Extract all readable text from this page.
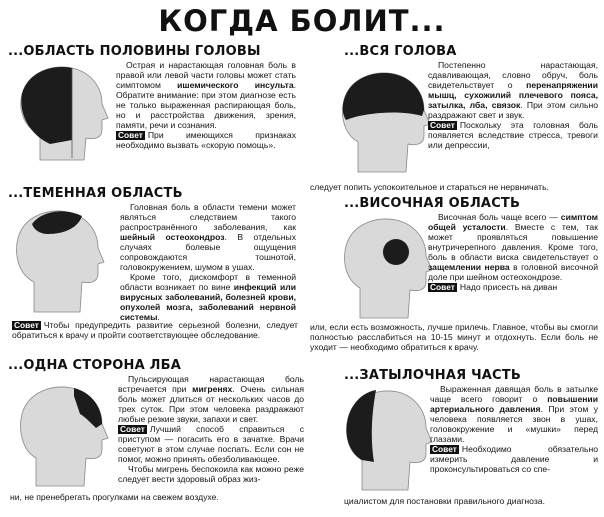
КОГДА БОЛИТ...
...ОБЛАСТЬ ПОЛОВИНЫ ГОЛОВЫ

Острая и нарастающая головная боль в правой или левой части головы может стать симптомом ишемического инсульта. Обратите внимание: при этом диагнозе есть не только выраженная распирающая боль, но и расстройства движения, зрения, памяти, речи и сознания.

Совет При имеющихся признаках необходимо вызвать «скорую помощь».

...ВСЯ ГОЛОВА

Постепенно нарастающая, сдавливающая, словно обруч, боль свидетельствует о перенапряжении мышц, сухожилий плечевого пояса, затылка, лба, связок. При этом сильно раздражают свет и звук.

Совет Поскольку эта головная боль появляется вследствие стресса, тревоги или депрессии,

следует попить успокоительное и стараться не нервничать.
...ТЕМЕННАЯ ОБЛАСТЬ

Головная боль в области темени может являться следствием такого распространённого заболевания, как шейный остеохондроз. В отдельных случаях болевые ощущения сопровождаются тошнотой, головокружением, шумом в ушах.

Кроме того, дискомфорт в теменной области возникает по вине инфекций или вирусных заболеваний, болезней крови, опухолей мозга, заболеваний нервной системы.

Совет Чтобы предупредить развитие серьезной болезни, следует обратиться к врачу и пройти соответствующее обследование.
...ВИСОЧНАЯ ОБЛАСТЬ

Височная боль чаще всего — симптом общей усталости. Вместе с тем, так может проявляться повышение внутричерепного давления. Кроме того, боль в области виска свидетельствует о защемлении нерва в головной височной доле при шейном остеохондрозе.

Совет Надо присесть на диван

или, если есть возможность, лучше прилечь. Главное, чтобы вы смогли полностью расслабиться на 10-15 минут и отдохнуть. Если боль не уходит — необходимо обратиться к врачу.
...ОДНА СТОРОНА ЛБА

Пульсирующая нарастающая боль встречается при мигренях. Очень сильная боль может длиться от нескольких часов до трех суток. При этом человека раздражают любые резкие звуки, запахи и свет.

Совет Лучший способ справиться с приступом — погасить его в зачатке. Врачи советуют в этом случае поспать. Если сон не помог, можно принять обезболивающее.

Чтобы мигрень беспокоила как можно реже следует вести здоровый образ жиз-

ни, не пренебрегать прогулками на свежем воздухе.
...ЗАТЫЛОЧНАЯ ЧАСТЬ

Выраженная давящая боль в затылке чаще всего говорит о повышении артериального давления. При этом у человека появляется звон в ушах, головокружение и «мушки» перед глазами.

Совет Необходимо обязательно измерить давление и проконсультироваться со спе-

циалистом для постановки правильного диагноза.
